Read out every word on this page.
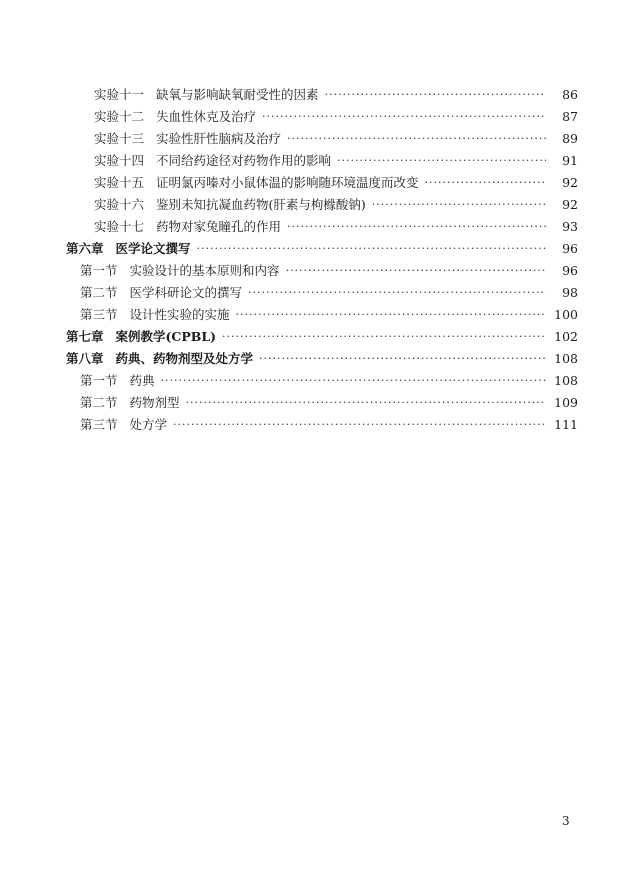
实验十一 缺氧与影响缺氧耐受性的因素 ·····	86
实验十二 失血性休克及治疗 ·····	87
实验十三 实验性肝性脑病及治疗 ·····	89
实验十四 不同给药途径对药物作用的影响 ·····	91
实验十五 证明氯丙嗪对小鼠体温的影响随环境温度而改变 ·····	92
实验十六 鉴别未知抗凝血药物(肝素与枸橼酸钠) ·····	92
实验十七 药物对家兔瞳孔的作用 ·····	93
第六章 医学论文撰写 ·····	96
第一节 实验设计的基本原则和内容 ·····	96
第二节 医学科研论文的撰写 ·····	98
第三节 设计性实验的实施 ·····	100
第七章 案例教学(CPBL) ·····	102
第八章 药典、药物剂型及处方学 ·····	108
第一节 药典 ·····	108
第二节 药物剂型 ·····	109
第三节 处方学 ·····	111
3
